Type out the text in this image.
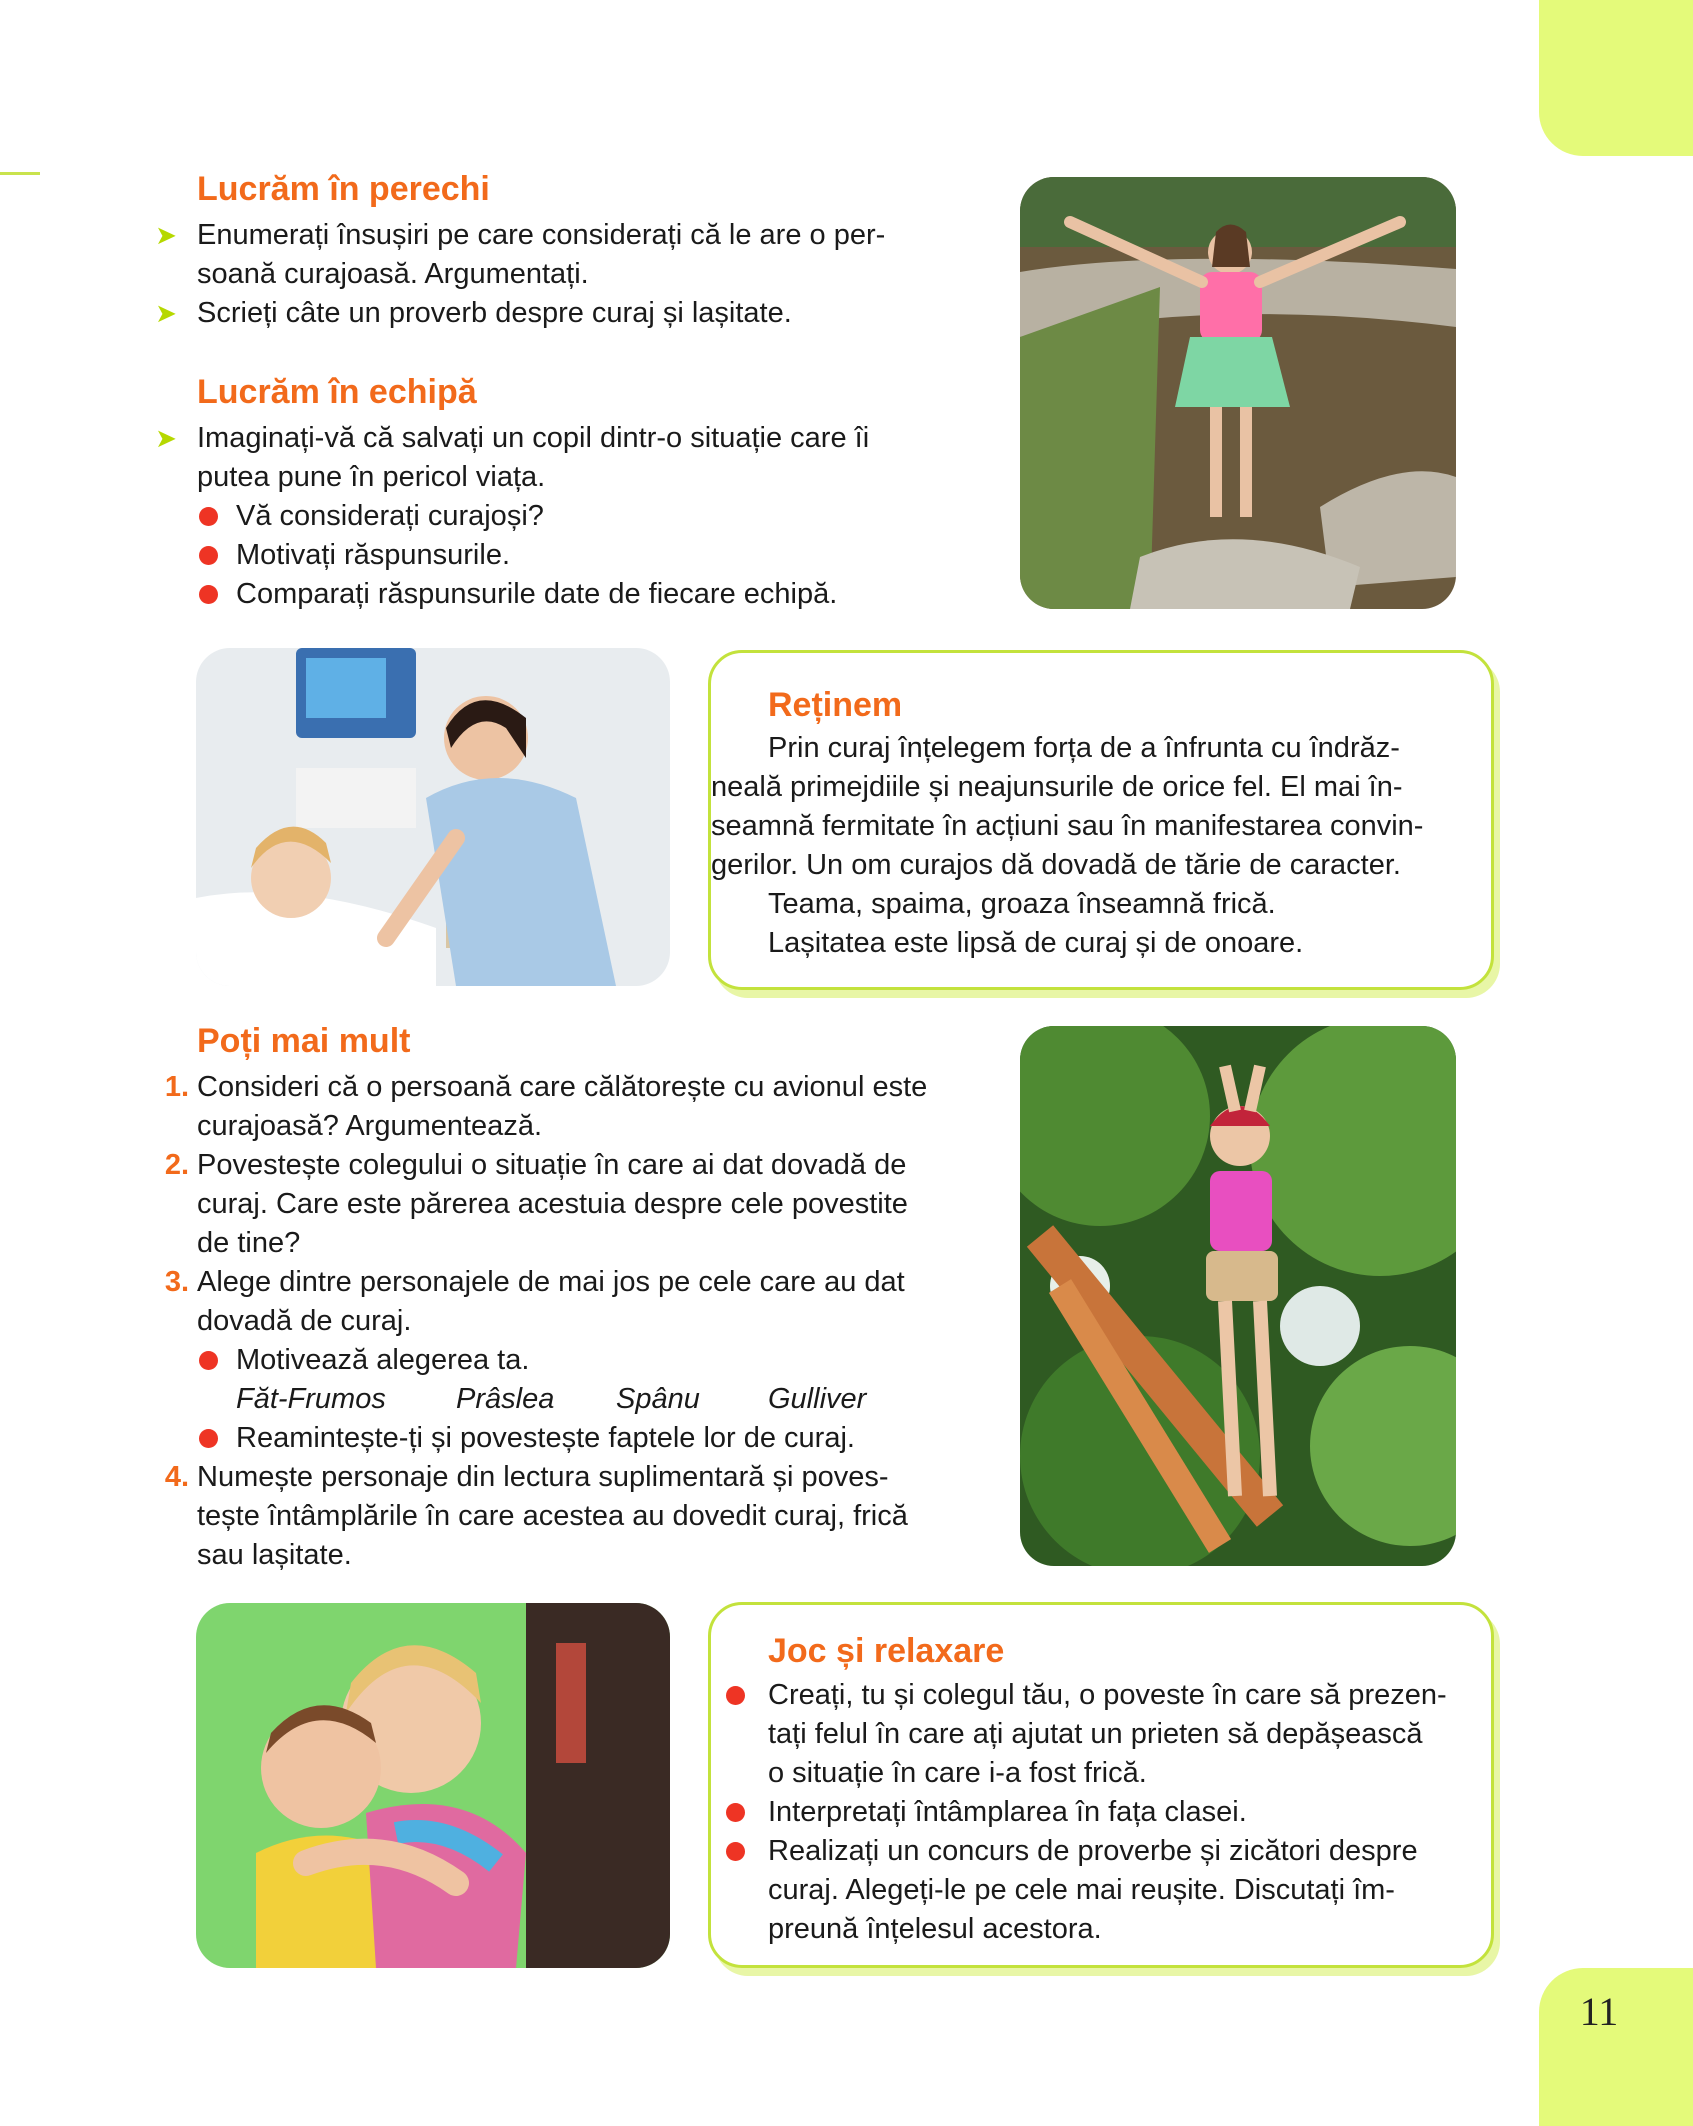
11
Lucrăm în perechi
➤ Enumerați însușiri pe care considerați că le are o per-
soană curajoasă. Argumentați.
➤ Scrieți câte un proverb despre curaj și lașitate.
Lucrăm în echipă
➤ Imaginați-vă că salvați un copil dintr-o situație care îi
putea pune în pericol viața.
Vă considerați curajoși?
Motivați răspunsurile.
Comparați răspunsurile date de fiecare echipă.
Reținem
Prin curaj înțelegem forța de a înfrunta cu îndrăz-
neală primejdiile și neajunsurile de orice fel. El mai în-
seamnă fermitate în acțiuni sau în manifestarea convin-
gerilor. Un om curajos dă dovadă de tărie de caracter.
Teama, spaima, groaza înseamnă frică.
Lașitatea este lipsă de curaj și de onoare.
Poți mai mult
1. Consideri că o persoană care călătorește cu avionul este
curajoasă? Argumentează.
2. Povestește colegului o situație în care ai dat dovadă de
curaj. Care este părerea acestuia despre cele povestite
de tine?
3. Alege dintre personajele de mai jos pe cele care au dat
dovadă de curaj.
Motivează alegerea ta.
Făt-Frumos Prâslea Spânu Gulliver
Reamintește-ți și povestește faptele lor de curaj.
4. Numește personaje din lectura suplimentară și poves-
tește întâmplările în care acestea au dovedit curaj, frică
sau lașitate.
Joc și relaxare
Creați, tu și colegul tău, o poveste în care să prezen-
tați felul în care ați ajutat un prieten să depășească
o situație în care i-a fost frică.
Interpretați întâmplarea în fața clasei.
Realizați un concurs de proverbe și zicători despre
curaj. Alegeți-le pe cele mai reușite. Discutați îm-
preună înțelesul acestora.
